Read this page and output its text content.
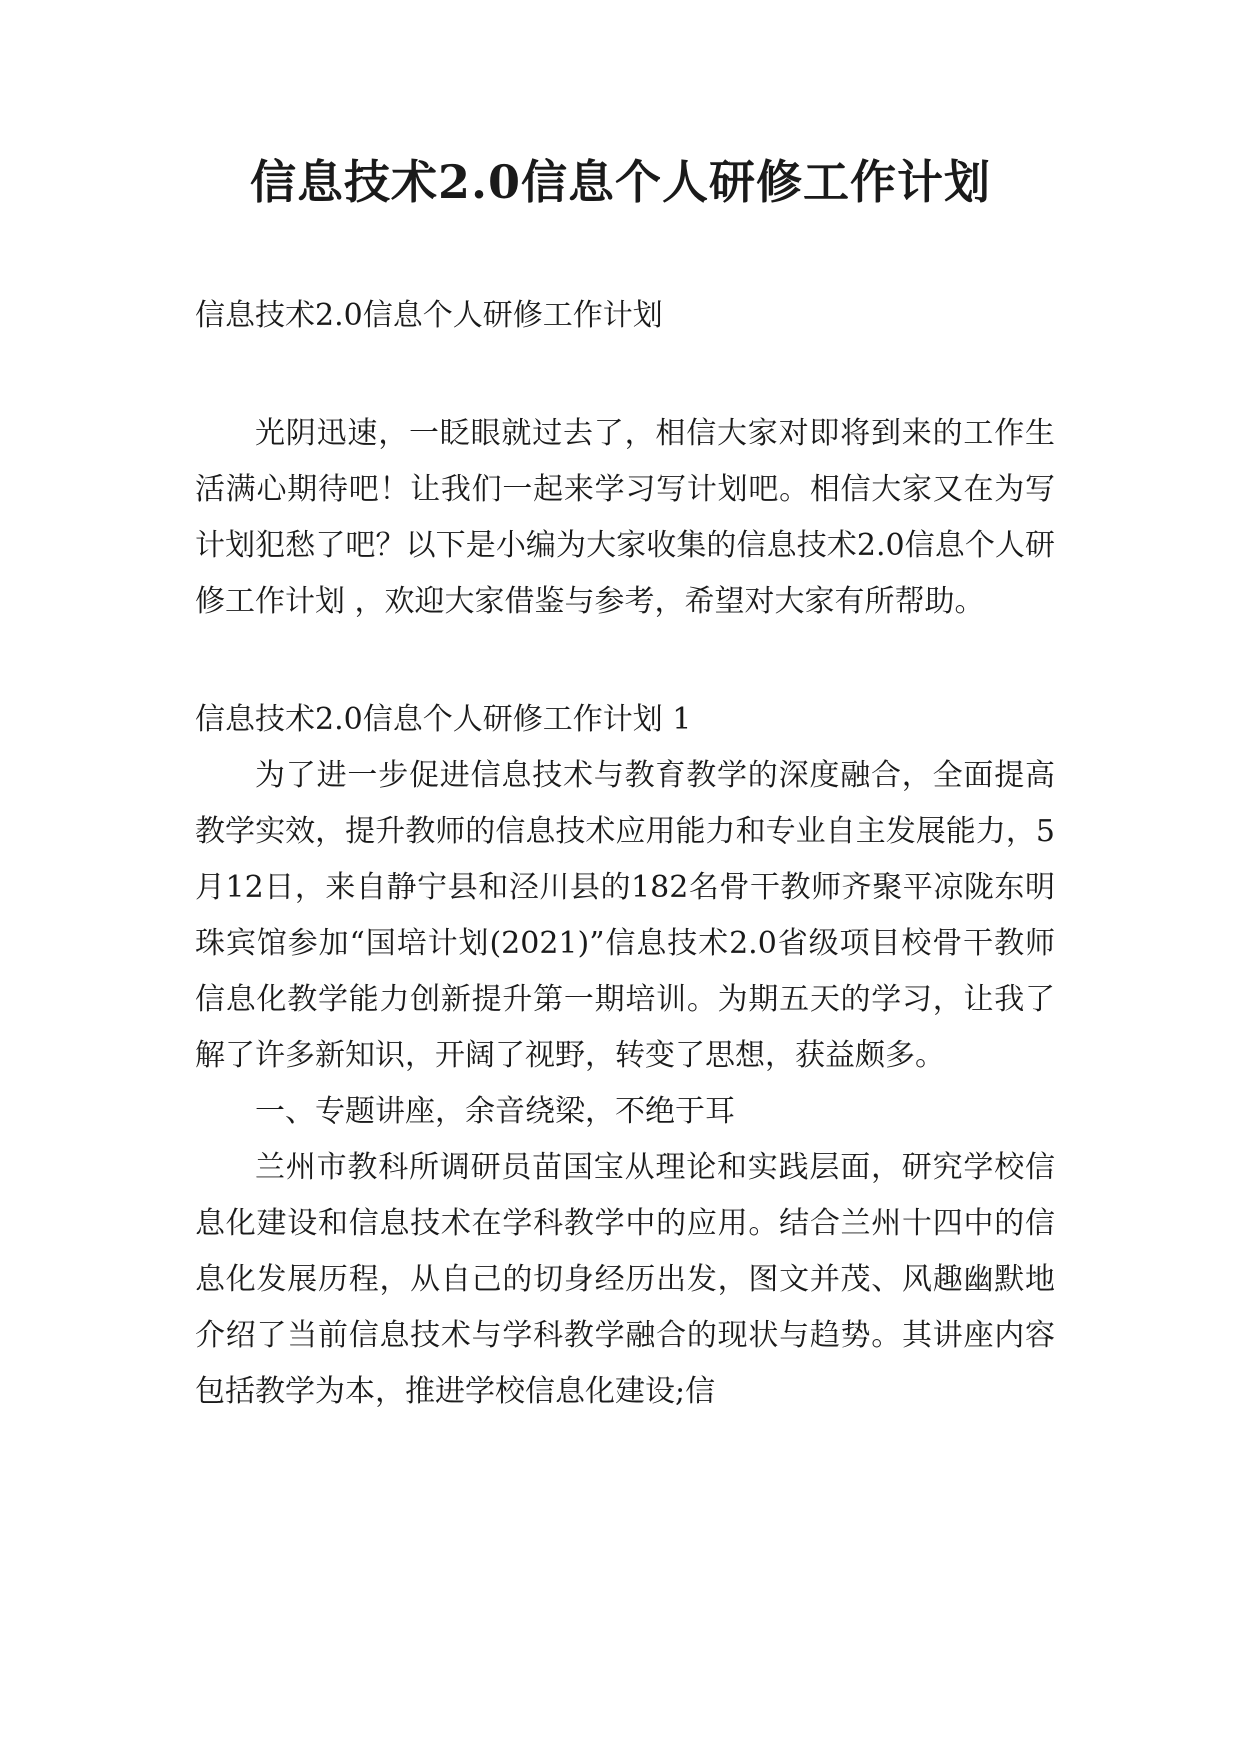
信息技术2.0信息个人研修工作计划

信息技术2.0信息个人研修工作计划

光阴迅速，一眨眼就过去了，相信大家对即将到来的工作生活满心期待吧！让我们一起来学习写计划吧。相信大家又在为写计划犯愁了吧？以下是小编为大家收集的信息技术2.0信息个人研修工作计划 ，欢迎大家借鉴与参考，希望对大家有所帮助。

信息技术2.0信息个人研修工作计划 1

为了进一步促进信息技术与教育教学的深度融合，全面提高教学实效，提升教师的信息技术应用能力和专业自主发展能力，5月12日，来自静宁县和泾川县的182名骨干教师齐聚平凉陇东明珠宾馆参加“国培计划(2021)”信息技术2.0省级项目校骨干教师信息化教学能力创新提升第一期培训。为期五天的学习，让我了解了许多新知识，开阔了视野，转变了思想，获益颇多。

一、专题讲座，余音绕梁，不绝于耳

兰州市教科所调研员苗国宝从理论和实践层面，研究学校信息化建设和信息技术在学科教学中的应用。结合兰州十四中的信息化发展历程，从自己的切身经历出发，图文并茂、风趣幽默地介绍了当前信息技术与学科教学融合的现状与趋势。其讲座内容包括教学为本，推进学校信息化建设;信
